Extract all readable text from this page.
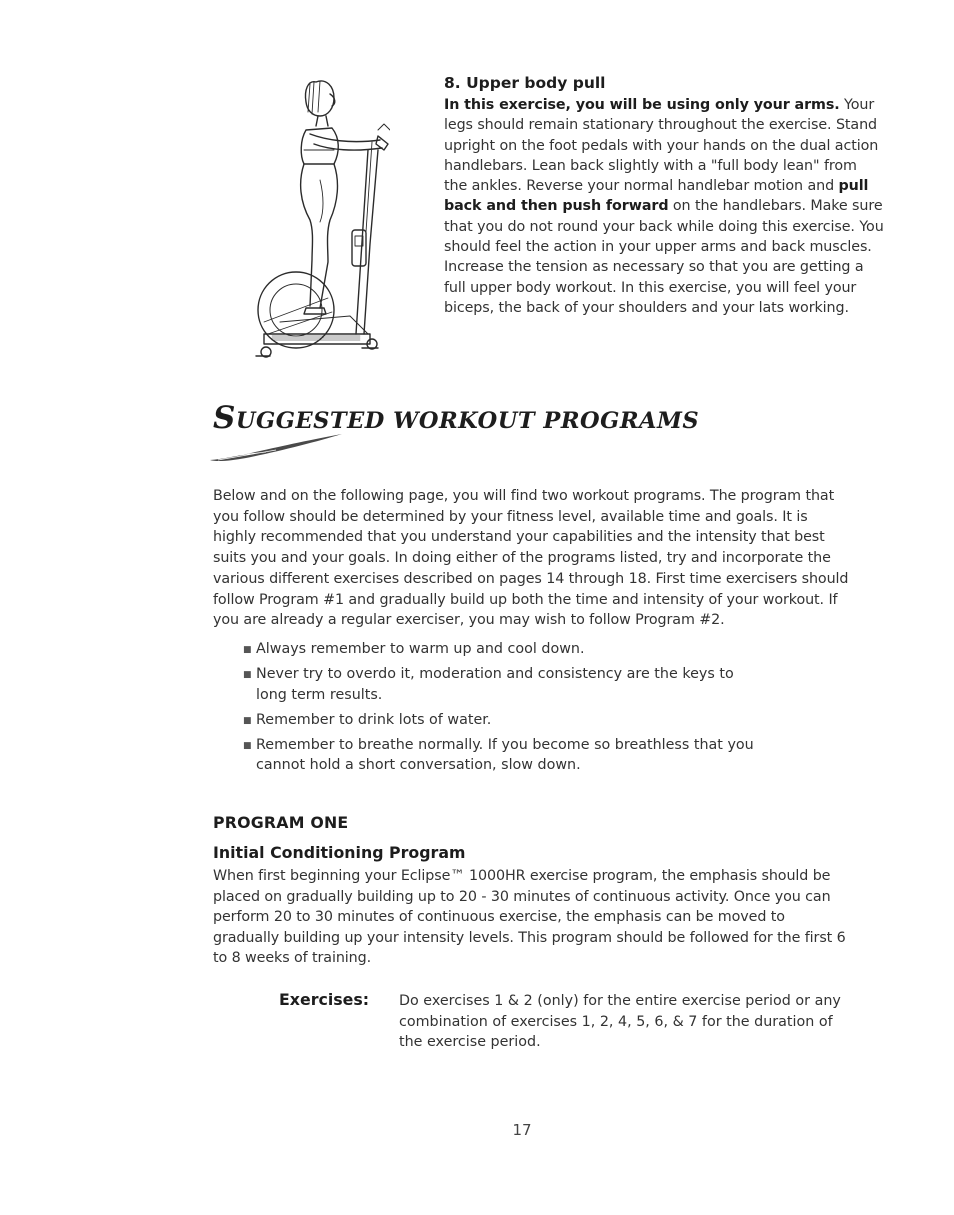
8. Upper body pull

In this exercise, you will be using only your arms. Your legs should remain stationary throughout the exercise. Stand upright on the foot pedals with your hands on the dual action handlebars. Lean back slightly with a "full body lean" from the ankles. Reverse your normal handlebar motion and pull back and then push forward on the handlebars. Make sure that you do not round your back while doing this exercise. You should feel the action in your upper arms and back muscles. Increase the tension as necessary so that you are getting a full upper body workout. In this exercise, you will feel your biceps, the back of your shoulders and your lats working.
SUGGESTED WORKOUT PROGRAMS
Below and on the following page, you will find two workout programs. The program that you follow should be determined by your fitness level, available time and goals. It is highly recommended that you understand your capabilities and the intensity that best suits you and your goals. In doing either of the programs listed, try and incorporate the various different exercises described on pages 14 through 18. First time exercisers should follow Program #1 and gradually build up both the time and intensity of your workout. If you are already a regular exerciser, you may wish to follow Program #2.
■ Always remember to warm up and cool down.
■ Never try to overdo it, moderation and consistency are the keys to long term results.
■ Remember to drink lots of water.
■ Remember to breathe normally. If you become so breathless that you cannot hold a short conversation, slow down.

PROGRAM ONE

Initial Conditioning Program

When first beginning your Eclipse™ 1000HR exercise program, the emphasis should be placed on gradually building up to 20 - 30 minutes of continuous activity. Once you can perform 20 to 30 minutes of continuous exercise, the emphasis can be moved to gradually building up your intensity levels. This program should be followed for the first 6 to 8 weeks of training.
Exercises: Do exercises 1 & 2 (only) for the entire exercise period or any combination of exercises 1, 2, 4, 5, 6, & 7 for the duration of the exercise period.
17
